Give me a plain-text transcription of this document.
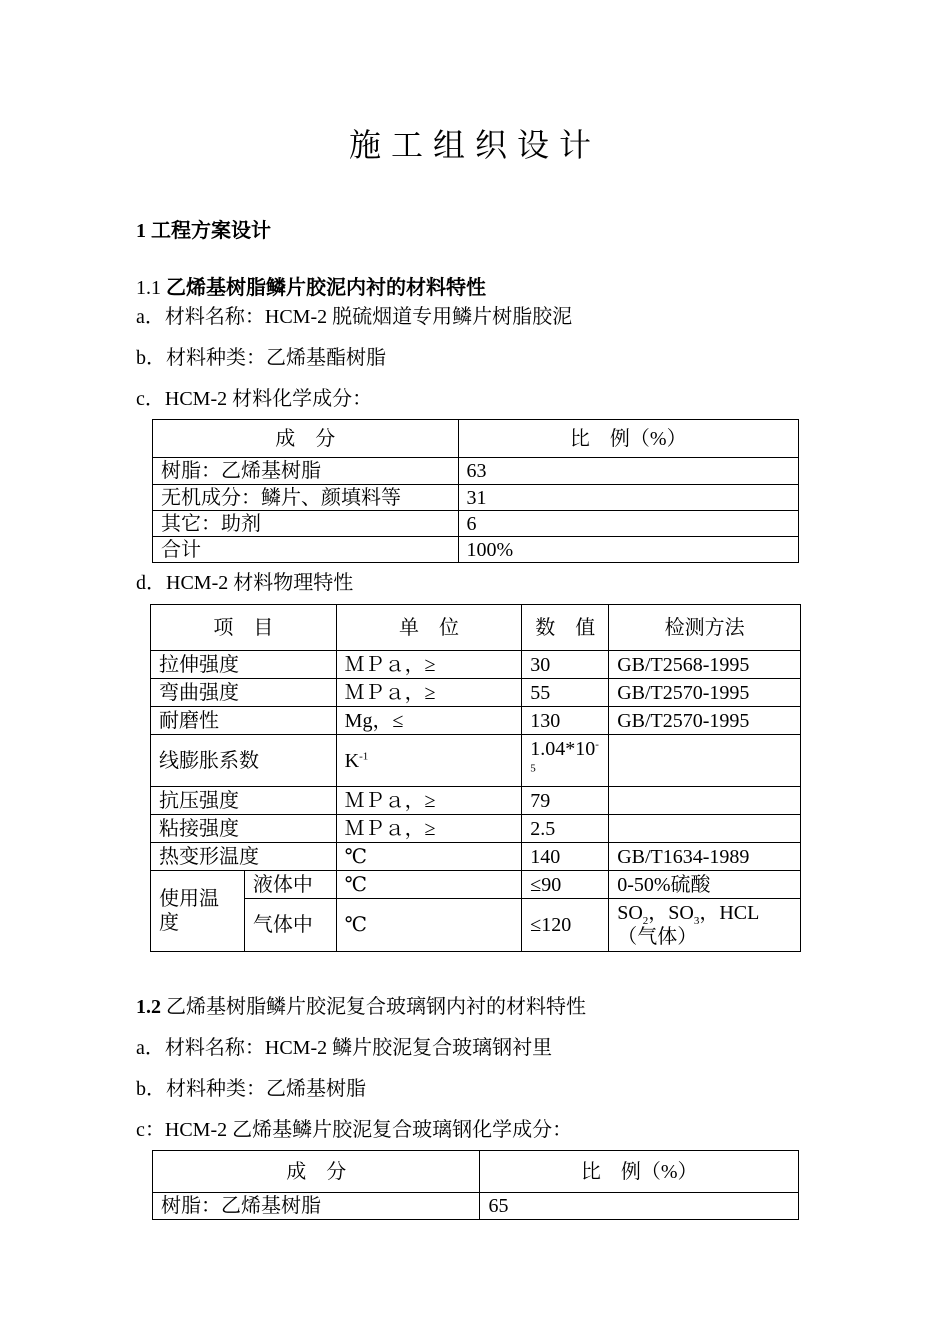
施工组织设计
1 工程方案设计
1.1 乙烯基树脂鳞片胶泥内衬的材料特性
a．材料名称：HCM-2 脱硫烟道专用鳞片树脂胶泥
b．材料种类：乙烯基酯树脂
c．HCM-2 材料化学成分：
成　分	比　例（%）
树脂：乙烯基树脂	63
无机成分：鳞片、颜填料等	31
其它：助剂	6
合计	100%
d．HCM-2 材料物理特性
项　目		单　位	数　值	检测方法
拉伸强度		ＭＰａ，≥	30	GB/T2568-1995
弯曲强度		ＭＰａ，≥	55	GB/T2570-1995
耐磨性		Mg，≤	130	GB/T2570-1995
线膨胀系数		$K^{-1}$	$1.04*10^{-5}$	
抗压强度		ＭＰａ，≥	79	
粘接强度		ＭＰａ，≥	2.5	
热变形温度		℃	140	GB/T1634-1989
使用温度	液体中	℃	≤90	0-50%硫酸
	气体中	℃	≤120	$SO_2$，$SO_3$，HCL
（气体）
1.2 乙烯基树脂鳞片胶泥复合玻璃钢内衬的材料特性
a．材料名称：HCM-2 鳞片胶泥复合玻璃钢衬里
b．材料种类：乙烯基树脂
c：HCM-2 乙烯基鳞片胶泥复合玻璃钢化学成分：
成　分	比　例（%）
树脂：乙烯基树脂	65
